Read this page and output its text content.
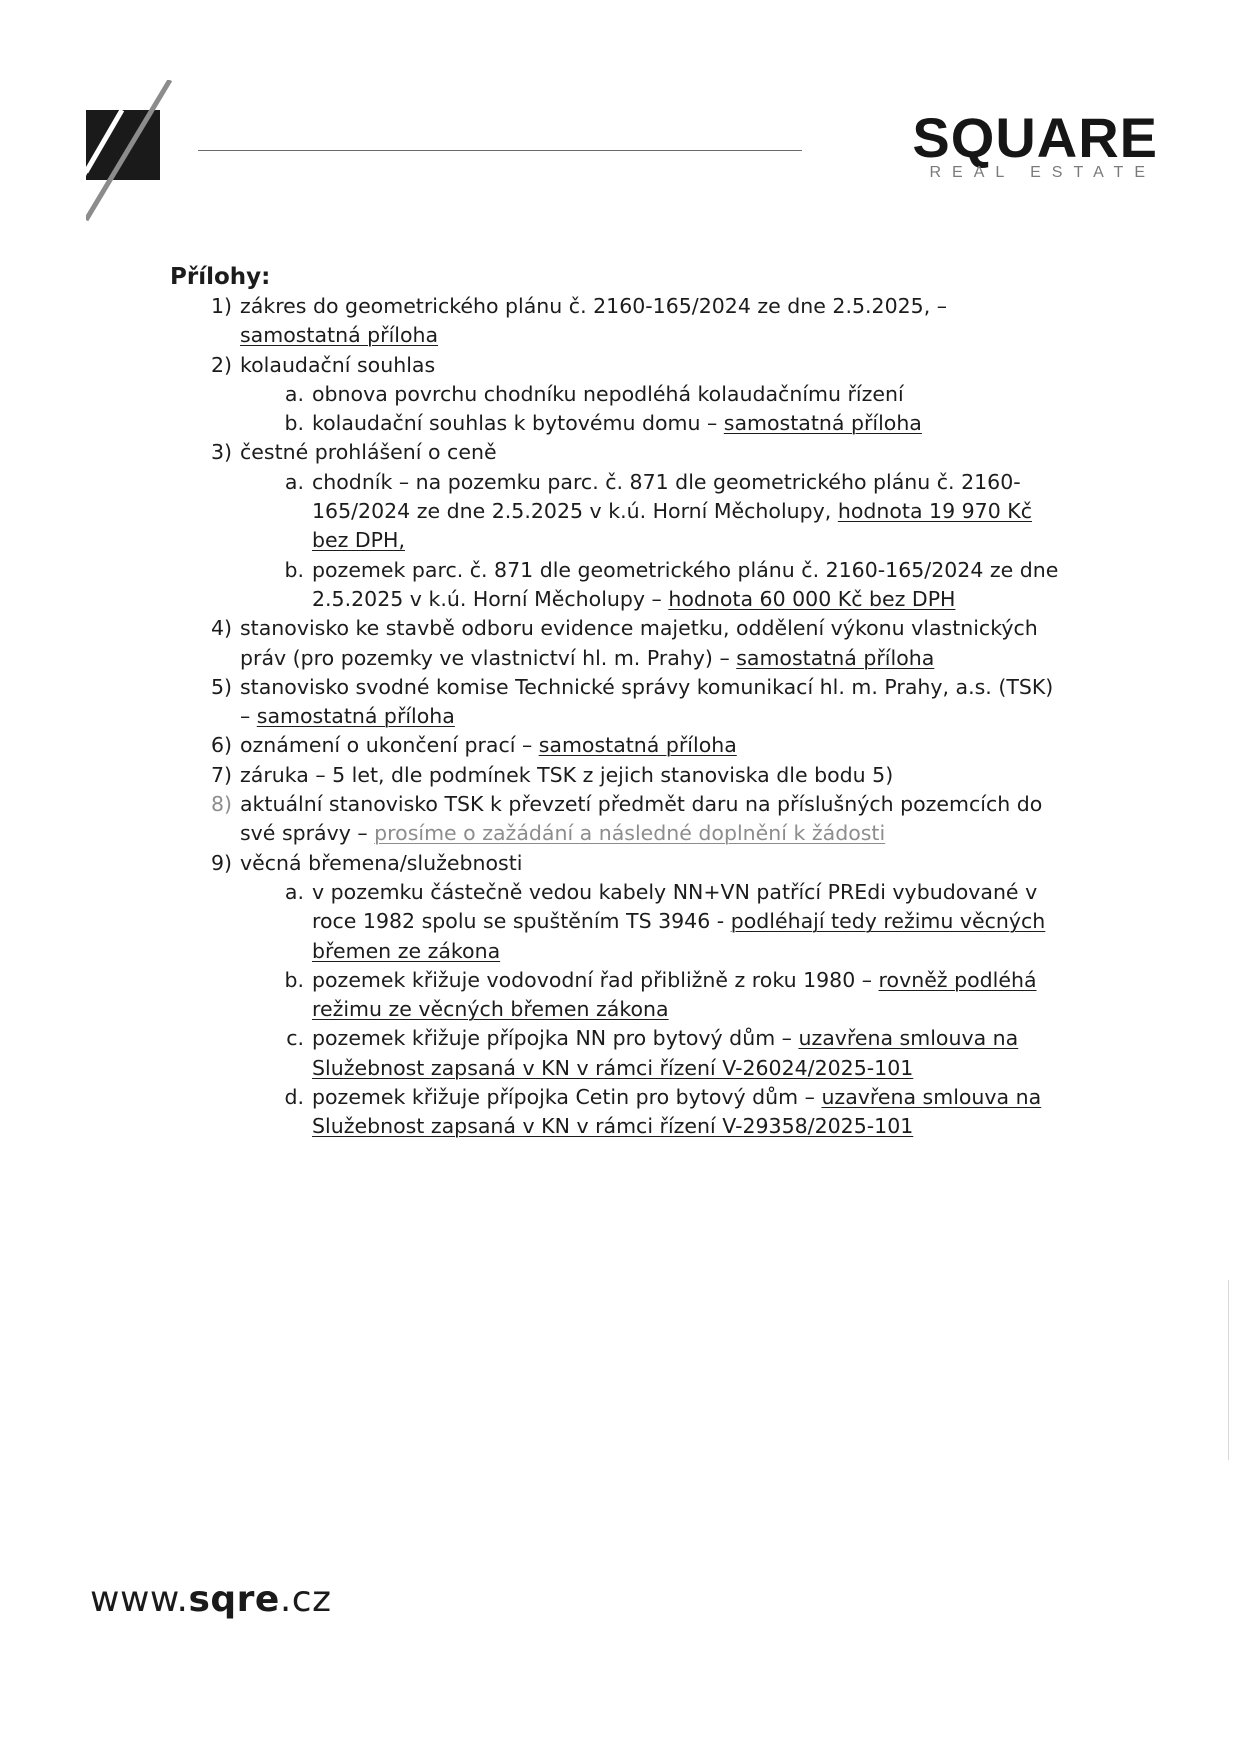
SQUARE
REAL ESTATE
Přílohy:
1) zákres do geometrického plánu č. 2160-165/2024 ze dne 2.5.2025, – samostatná příloha
2) kolaudační souhlas
a. obnova povrchu chodníku nepodléhá kolaudačnímu řízení
b. kolaudační souhlas k bytovému domu – samostatná příloha
3) čestné prohlášení o ceně
a. chodník – na pozemku parc. č. 871 dle geometrického plánu č. 2160-165/2024 ze dne 2.5.2025 v k.ú. Horní Měcholupy, hodnota 19 970 Kč bez DPH,
b. pozemek parc. č. 871 dle geometrického plánu č. 2160-165/2024 ze dne 2.5.2025 v k.ú. Horní Měcholupy – hodnota 60 000 Kč bez DPH
4) stanovisko ke stavbě odboru evidence majetku, oddělení výkonu vlastnických práv (pro pozemky ve vlastnictví hl. m. Prahy) – samostatná příloha
5) stanovisko svodné komise Technické správy komunikací hl. m. Prahy, a.s. (TSK) – samostatná příloha
6) oznámení o ukončení prací – samostatná příloha
7) záruka – 5 let, dle podmínek TSK z jejich stanoviska dle bodu 5)
8) aktuální stanovisko TSK k převzetí předmět daru na příslušných pozemcích do své správy – prosíme o zažádání a následné doplnění k žádosti
9) věcná břemena/služebnosti
a. v pozemku částečně vedou kabely NN+VN patřící PREdi vybudované v roce 1982 spolu se spuštěním TS 3946 - podléhají tedy režimu věcných břemen ze zákona
b. pozemek křižuje vodovodní řad přibližně z roku 1980 – rovněž podléhá režimu ze věcných břemen zákona
c. pozemek křižuje přípojka NN pro bytový dům – uzavřena smlouva na Služebnost zapsaná v KN v rámci řízení V-26024/2025-101
d. pozemek křižuje přípojka Cetin pro bytový dům – uzavřena smlouva na Služebnost zapsaná v KN v rámci řízení V-29358/2025-101
www.sqre.cz
